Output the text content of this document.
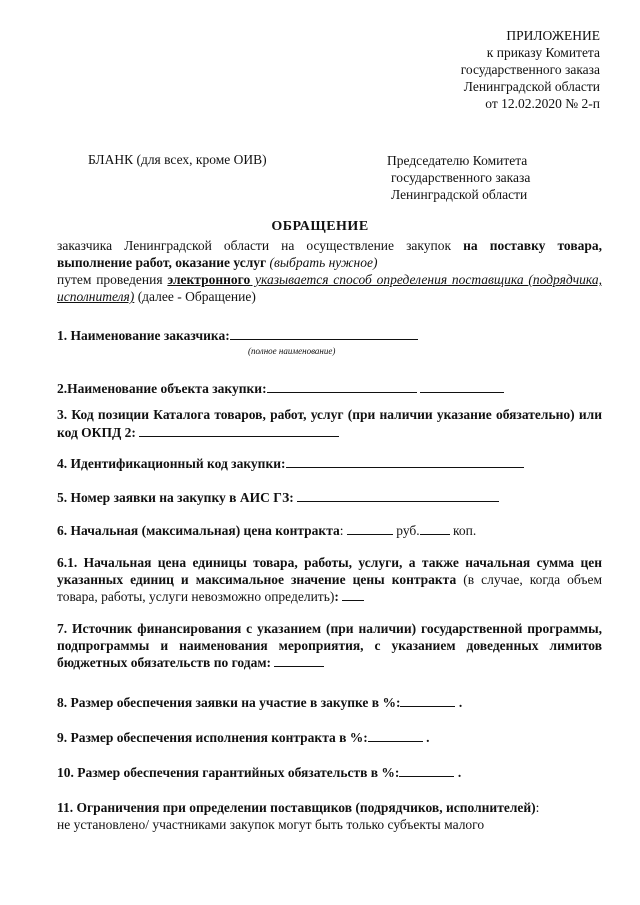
ПРИЛОЖЕНИЕ
к приказу Комитета
государственного заказа
Ленинградской области
от 12.02.2020 № 2-п
БЛАНК (для всех, кроме ОИВ)	Председателю Комитета
государственного заказа
Ленинградской области
ОБРАЩЕНИЕ
заказчика Ленинградской области на осуществление закупок на поставку товара, выполнение работ, оказание услуг (выбрать нужное)
путем проведения электронного указывается способ определения поставщика (подрядчика, исполнителя) (далее - Обращение)
1. Наименование заказчика:
(полное наименование)
2.Наименование объекта закупки:
3. Код позиции Каталога товаров, работ, услуг (при наличии указание обязательно) или код ОКПД 2:
4. Идентификационный код закупки:
5. Номер заявки на закупку в АИС ГЗ:
6. Начальная (максимальная) цена контракта:	руб. коп.
6.1. Начальная цена единицы товара, работы, услуги, а также начальная сумма цен указанных единиц и максимальное значение цены контракта (в случае, когда объем товара, работы, услуги невозможно определить):
7. Источник финансирования с указанием (при наличии) государственной программы, подпрограммы и наименования мероприятия, с указанием доведенных лимитов бюджетных обязательств по годам:
8. Размер обеспечения заявки на участие в закупке в %:	.
9. Размер обеспечения исполнения контракта в %:	.
10. Размер обеспечения гарантийных обязательств в %:	.
11. Ограничения при определении поставщиков (подрядчиков, исполнителей):
не установлено/ участниками закупок могут быть только субъекты малого
